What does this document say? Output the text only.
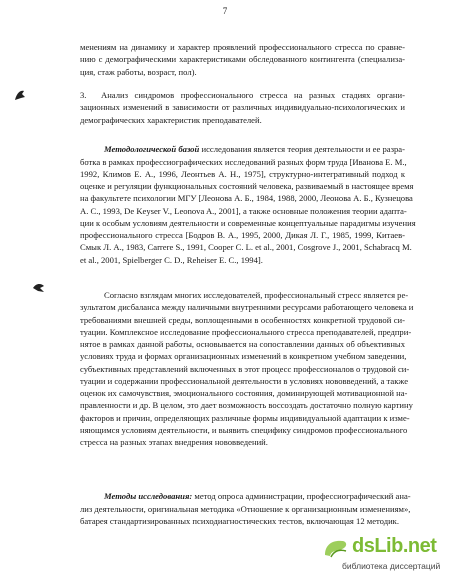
7
менениям на динамику и характер проявлений профессионального стресса по сравне-
нию с демографическими характеристиками обследованного контингента (специализа-
ция, стаж работы, возраст, пол).
3. Анализ синдромов профессионального стресса на разных стадиях органи-
зационных изменений в зависимости от различных индивидуально-психологических и
демографических характеристик преподавателей.
Методологической базой исследования является теория деятельности и ее разра-
ботка в рамках профессиографических исследований разных форм труда [Иванова Е. М.,
1992, Климов Е. А., 1996, Леонтьев А. Н., 1975], структурно-интегративный подход к
оценке и регуляции функциональных состояний человека, развиваемый в настоящее время
на факультете психологии МГУ [Леонова А. Б., 1984, 1988, 2000, Леонова А. Б., Кузнецова
А. С., 1993, De Keyser V., Leonova A., 2001], а также основные положения теории адапта-
ции к особым условиям деятельности и современные концептуальные парадигмы изучения
профессионального стресса [Бодров В. А., 1995, 2000, Дикая Л. Г., 1985, 1999, Китаев-
Смык Л. А., 1983, Carrere S., 1991, Cooper C. L. et al., 2001, Cosgrove J., 2001, Schabracq M.
et al., 2001, Spielberger C. D., Reheiser E. C., 1994].
Согласно взглядам многих исследователей, профессиональный стресс является ре-
зультатом дисбаланса между наличными внутренними ресурсами работающего человека и
требованиями внешней среды, воплощенными в особенностях конкретной трудовой си-
туации. Комплексное исследование профессионального стресса преподавателей, предпри-
нятое в рамках данной работы, основывается на сопоставлении данных об объективных
условиях труда и формах организационных изменений в конкретном учебном заведении,
субъективных представлений включенных в этот процесс профессионалов о трудовой си-
туации и содержании профессиональной деятельности в условиях нововведений, а также
оценок их самочувствия, эмоционального состояния, доминирующей мотивационной на-
правленности и др. В целом, это дает возможность воссоздать достаточно полную картину
факторов и причин, определяющих различные формы индивидуальной адаптации к изме-
няющимся условиям деятельности, и выявить специфику синдромов профессионального
стресса на разных этапах внедрения нововведений.
Методы исследования: метод опроса администрации, профессиографический ана-
лиз деятельности, оригинальная методика «Отношение к организационным изменениям»,
батарея стандартизированных психодиагностических тестов, включающая 12 методик.
dsLib.net
библиотека диссертаций
